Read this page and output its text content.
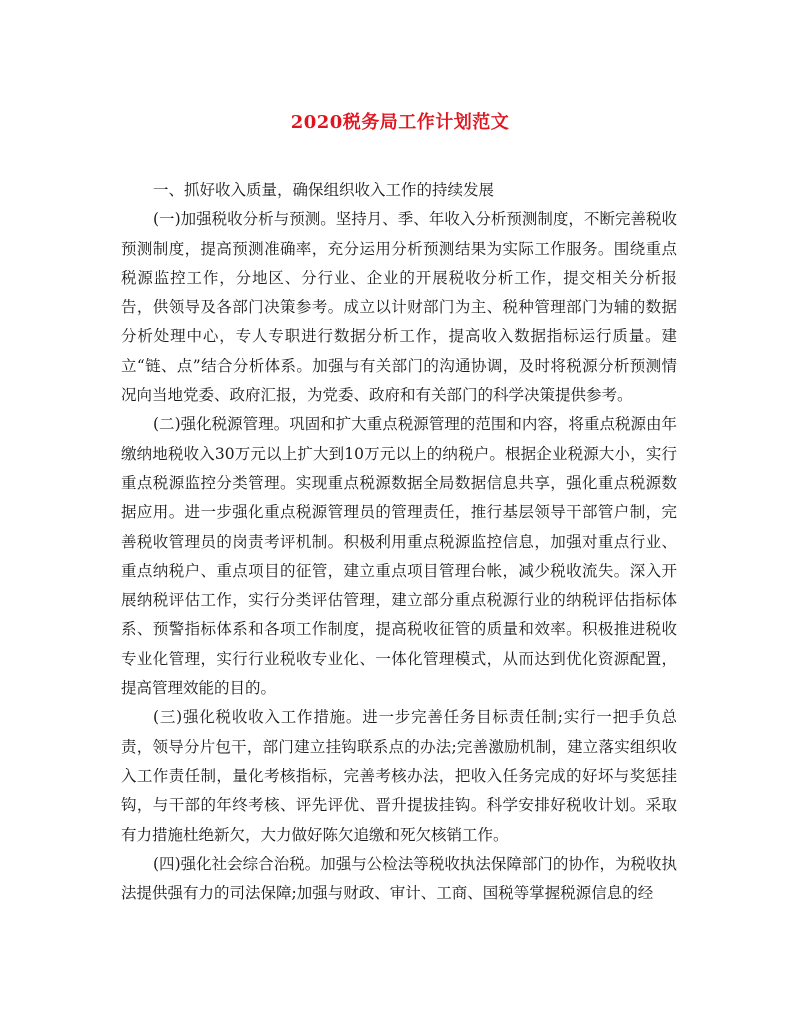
2020税务局工作计划范文

一、抓好收入质量，确保组织收入工作的持续发展

(一)加强税收分析与预测。坚持月、季、年收入分析预测制度，不断完善税收预测制度，提高预测准确率，充分运用分析预测结果为实际工作服务。围绕重点税源监控工作，分地区、分行业、企业的开展税收分析工作，提交相关分析报告，供领导及各部门决策参考。成立以计财部门为主、税种管理部门为辅的数据分析处理中心，专人专职进行数据分析工作，提高收入数据指标运行质量。建立“链、点”结合分析体系。加强与有关部门的沟通协调，及时将税源分析预测情况向当地党委、政府汇报，为党委、政府和有关部门的科学决策提供参考。

(二)强化税源管理。巩固和扩大重点税源管理的范围和内容，将重点税源由年缴纳地税收入30万元以上扩大到10万元以上的纳税户。根据企业税源大小，实行重点税源监控分类管理。实现重点税源数据全局数据信息共享，强化重点税源数据应用。进一步强化重点税源管理员的管理责任，推行基层领导干部管户制，完善税收管理员的岗责考评机制。积极利用重点税源监控信息，加强对重点行业、重点纳税户、重点项目的征管，建立重点项目管理台帐，减少税收流失。深入开展纳税评估工作，实行分类评估管理，建立部分重点税源行业的纳税评估指标体系、预警指标体系和各项工作制度，提高税收征管的质量和效率。积极推进税收专业化管理，实行行业税收专业化、一体化管理模式，从而达到优化资源配置，提高管理效能的目的。

(三)强化税收收入工作措施。进一步完善任务目标责任制;实行一把手负总责，领导分片包干，部门建立挂钩联系点的办法;完善激励机制，建立落实组织收入工作责任制，量化考核指标，完善考核办法，把收入任务完成的好坏与奖惩挂钩，与干部的年终考核、评先评优、晋升提拔挂钩。科学安排好税收计划。采取有力措施杜绝新欠，大力做好陈欠追缴和死欠核销工作。

(四)强化社会综合治税。加强与公检法等税收执法保障部门的协作，为税收执法提供强有力的司法保障;加强与财政、审计、工商、国税等掌握税源信息的经
